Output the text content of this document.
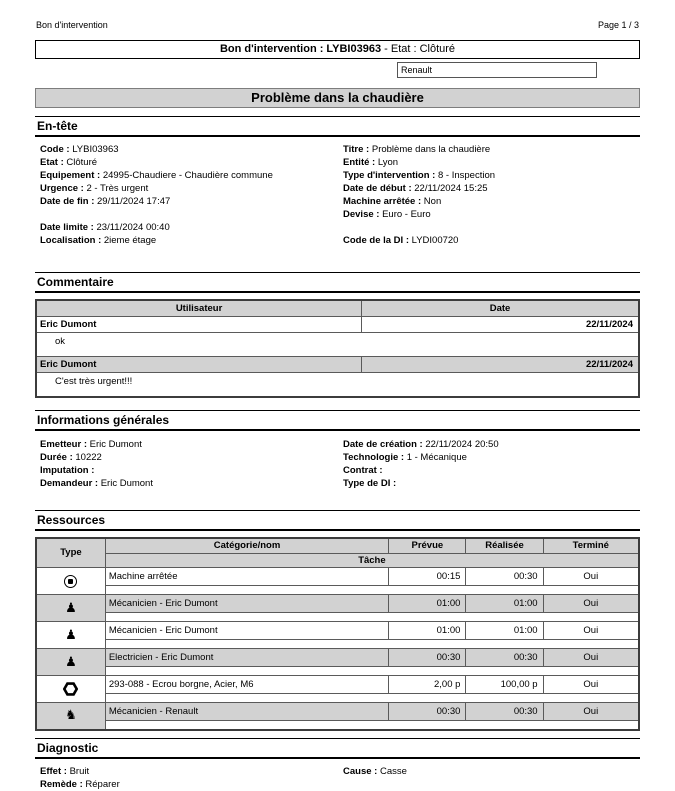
Bon d'intervention	Page 1 / 3
Bon d'intervention : LYBI03963 - Etat : Clôturé
Renault
Problème dans la chaudière
En-tête
Code : LYBI03963
Etat : Clôturé
Equipement : 24995-Chaudiere - Chaudière commune
Urgence : 2 - Très urgent
Date de fin : 29/11/2024 17:47

Date limite : 23/11/2024 00:40
Localisation : 2ieme étage
Titre : Problème dans la chaudière
Entité : Lyon
Type d'intervention : 8 - Inspection
Date de début : 22/11/2024 15:25
Machine arrêtée : Non
Devise : Euro - Euro

Code de la DI : LYDI00720
Commentaire
Utilisateur	Date
Eric Dumont	22/11/2024
ok	
Eric Dumont	22/11/2024
C'est très urgent!!!	
Informations générales
Emetteur : Eric Dumont
Durée : 10222
Imputation :
Demandeur : Eric Dumont
Date de création : 22/11/2024 20:50
Technologie : 1 - Mécanique
Contrat :
Type de DI :
Ressources
Type	Catégorie/nom	Prévue	Réalisée	Terminé
	Tâche			

	Machine arrêtée	00:15	00:30	Oui

♟	Mécanicien - Eric Dumont	01:00	01:00	Oui

♟	Mécanicien - Eric Dumont	01:00	01:00	Oui

♟	Electricien - Eric Dumont	00:30	00:30	Oui

	293-088 - Ecrou borgne, Acier, M6	2,00 p	100,00 p	Oui

♞	Mécanicien - Renault	00:30	00:30	Oui

Diagnostic
Effet : Bruit
Remède : Réparer
Cause : Casse
